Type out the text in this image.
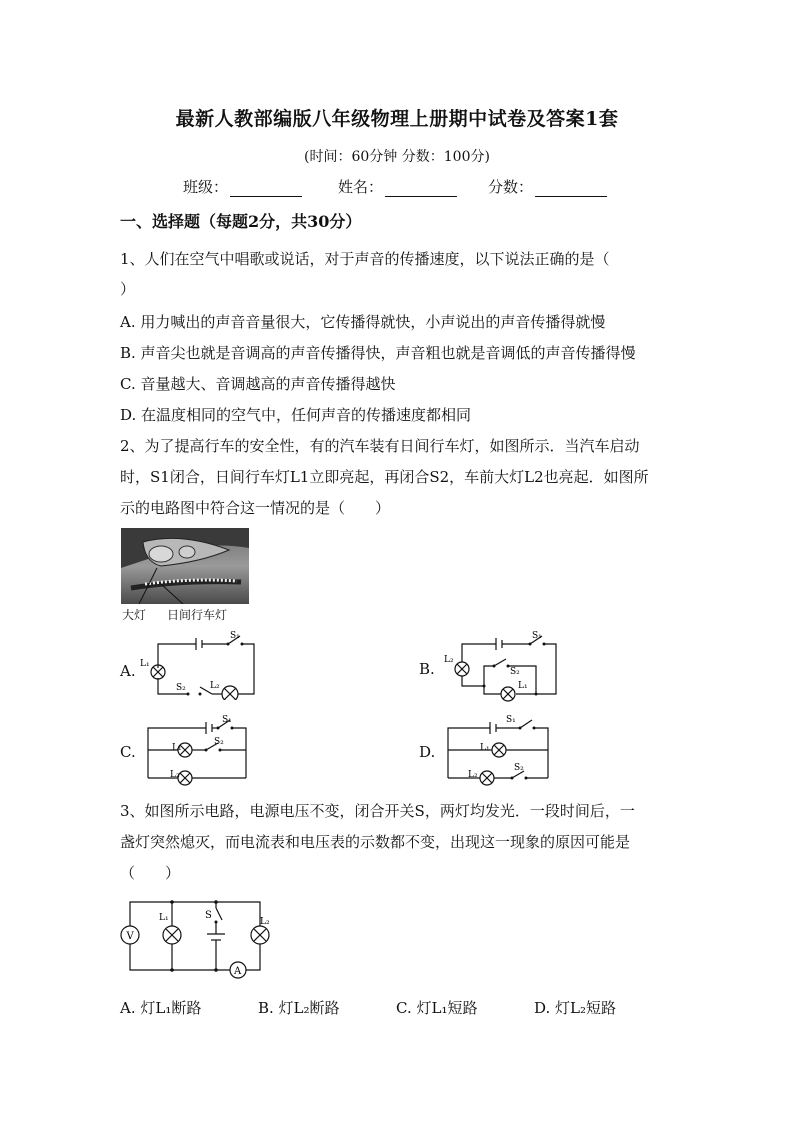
最新人教部编版八年级物理上册期中试卷及答案1套
(时间：60分钟 分数：100分)
班级：	姓名：	分数：
一、选择题（每题2分，共30分）
1、人们在空气中唱歌或说话，对于声音的传播速度，以下说法正确的是（
）
A. 用力喊出的声音音量很大，它传播得就快，小声说出的声音传播得就慢
B. 声音尖也就是音调高的声音传播得快，声音粗也就是音调低的声音传播得慢
C. 音量越大、音调越高的声音传播得越快
D. 在温度相同的空气中，任何声音的传播速度都相同
2、为了提高行车的安全性，有的汽车装有日间行车灯，如图所示．当汽车启动
时，S1闭合，日间行车灯L1立即亮起，再闭合S2，车前大灯L2也亮起．如图所
示的电路图中符合这一情况的是（　　）
大灯 日间行车灯
A.	B.
C.	D.
S₁
L₁
S₂	L₂
S₁
L₂
S₂
L₁
S₁
L₁
S₂
L₂
S₁
L₁
L₂
S₂
3、如图所示电路，电源电压不变，闭合开关S，两灯均发光．一段时间后，一
盏灯突然熄灭，而电流表和电压表的示数都不变，出现这一现象的原因可能是
（　　）
V
A
L₁	L₂
S
A. 灯L₁断路	B. 灯L₂断路	C. 灯L₁短路	D. 灯L₂短路
